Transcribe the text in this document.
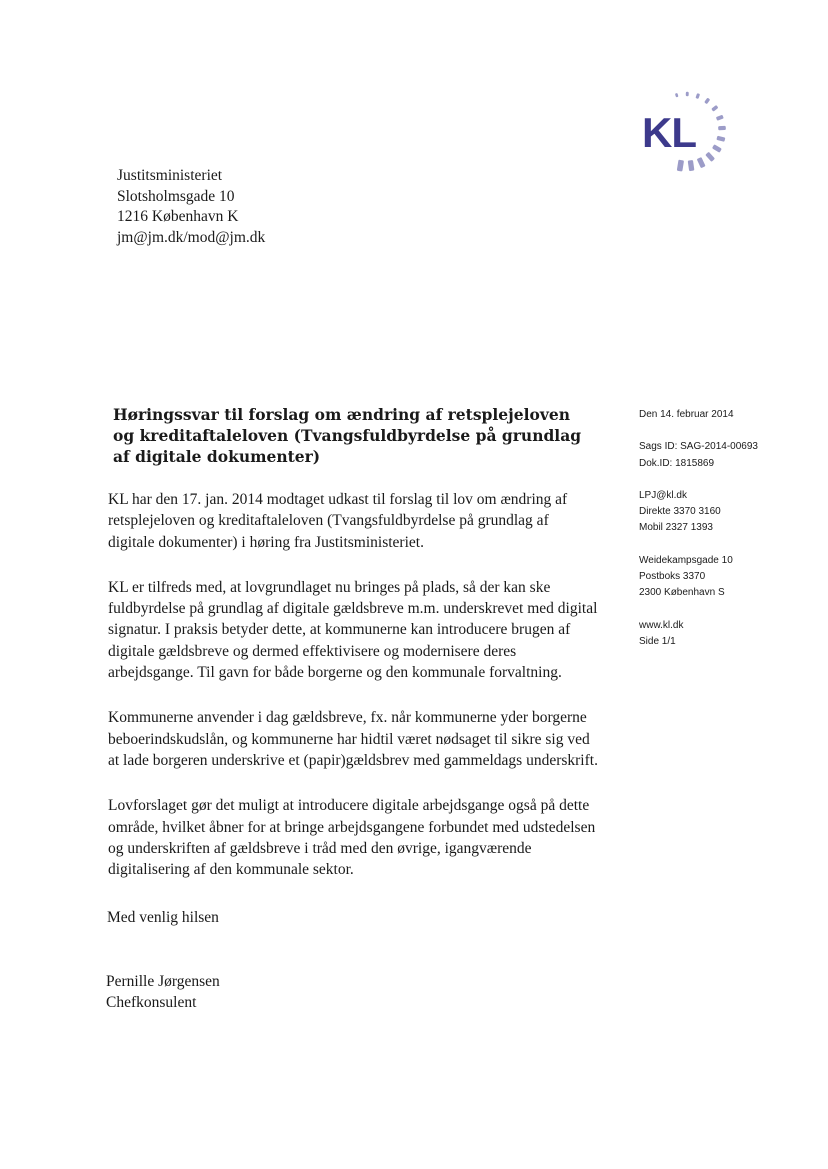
KL
Justitsministeriet
Slotsholmsgade 10
1216 København K
jm@jm.dk/mod@jm.dk
Høringssvar til forslag om ændring af retsplejeloven og kreditaftaleloven (Tvangsfuldbyrdelse på grundlag af digitale dokumenter)
Den 14. februar 2014
Sags ID: SAG-2014-00693
Dok.ID: 1815869
LPJ@kl.dk
Direkte 3370 3160
Mobil 2327 1393
Weidekampsgade 10
Postboks 3370
2300 København S
www.kl.dk
Side 1/1

KL har den 17. jan. 2014 modtaget udkast til forslag til lov om ændring af retsplejeloven og kreditaftaleloven (Tvangsfuldbyrdelse på grundlag af digitale dokumenter) i høring fra Justitsministeriet.

KL er tilfreds med, at lovgrundlaget nu bringes på plads, så der kan ske fuldbyrdelse på grundlag af digitale gældsbreve m.m. underskrevet med digital signatur. I praksis betyder dette, at kommunerne kan introducere brugen af digitale gældsbreve og dermed effektivisere og modernisere deres arbejdsgange. Til gavn for både borgerne og den kommunale forvaltning.

Kommunerne anvender i dag gældsbreve, fx. når kommunerne yder borgerne beboerindskudslån, og kommunerne har hidtil været nødsaget til sikre sig ved at lade borgeren underskrive et (papir)gældsbrev med gammeldags underskrift.

Lovforslaget gør det muligt at introducere digitale arbejdsgange også på dette område, hvilket åbner for at bringe arbejdsgangene forbundet med udstedelsen og underskriften af gældsbreve i tråd med den øvrige, igangværende digitalisering af den kommunale sektor.

Med venlig hilsen
Pernille Jørgensen
Chefkonsulent
